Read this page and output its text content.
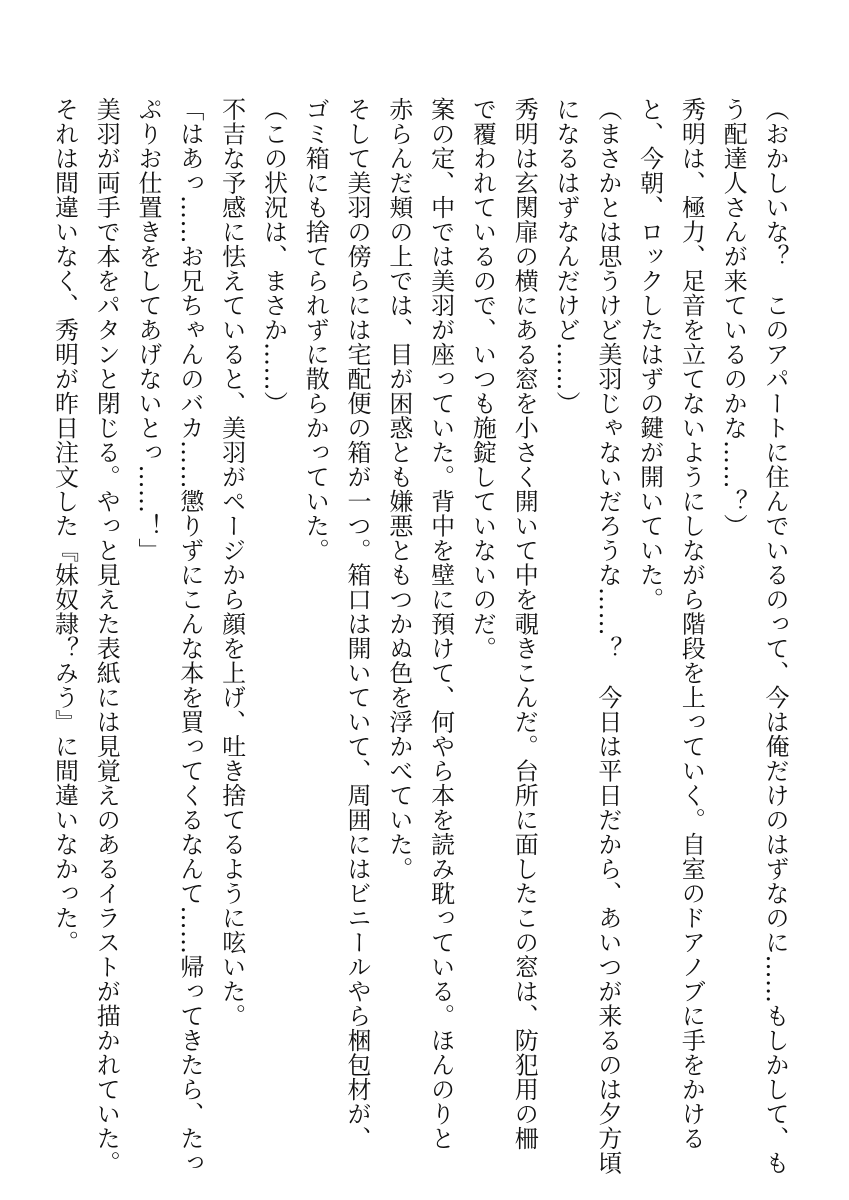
（おかしいな？　このアパートに住んでいるのって、今は俺だけのはずなのに……もしかして、も
う配達人さんが来ているのかな……？）
秀明は、極力、足音を立てないようにしながら階段を上っていく。自室のドアノブに手をかける
と、今朝、ロックしたはずの鍵が開いていた。
（まさかとは思うけど美羽じゃないだろうな……？　今日は平日だから、あいつが来るのは夕方頃
になるはずなんだけど……）
秀明は玄関扉の横にある窓を小さく開いて中を覗きこんだ。台所に面したこの窓は、防犯用の柵
で覆われているので、いつも施錠していないのだ。
案の定、中では美羽が座っていた。背中を壁に預けて、何やら本を読み耽っている。ほんのりと
赤らんだ頬の上では、目が困惑とも嫌悪ともつかぬ色を浮かべていた。
そして美羽の傍らには宅配便の箱が一つ。箱口は開いていて、周囲にはビニールやら梱包材が、
ゴミ箱にも捨てられずに散らかっていた。
（この状況は、まさか……）
不吉な予感に怯えていると、美羽がページから顔を上げ、吐き捨てるように呟いた。
「はあっ……お兄ちゃんのバカ……懲りずにこんな本を買ってくるなんて……帰ってきたら、たっ
ぷりお仕置きをしてあげないとっ……！」
美羽が両手で本をパタンと閉じる。やっと見えた表紙には見覚えのあるイラストが描かれていた。
それは間違いなく、秀明が昨日注文した『妹奴隷？みう』に間違いなかった。
